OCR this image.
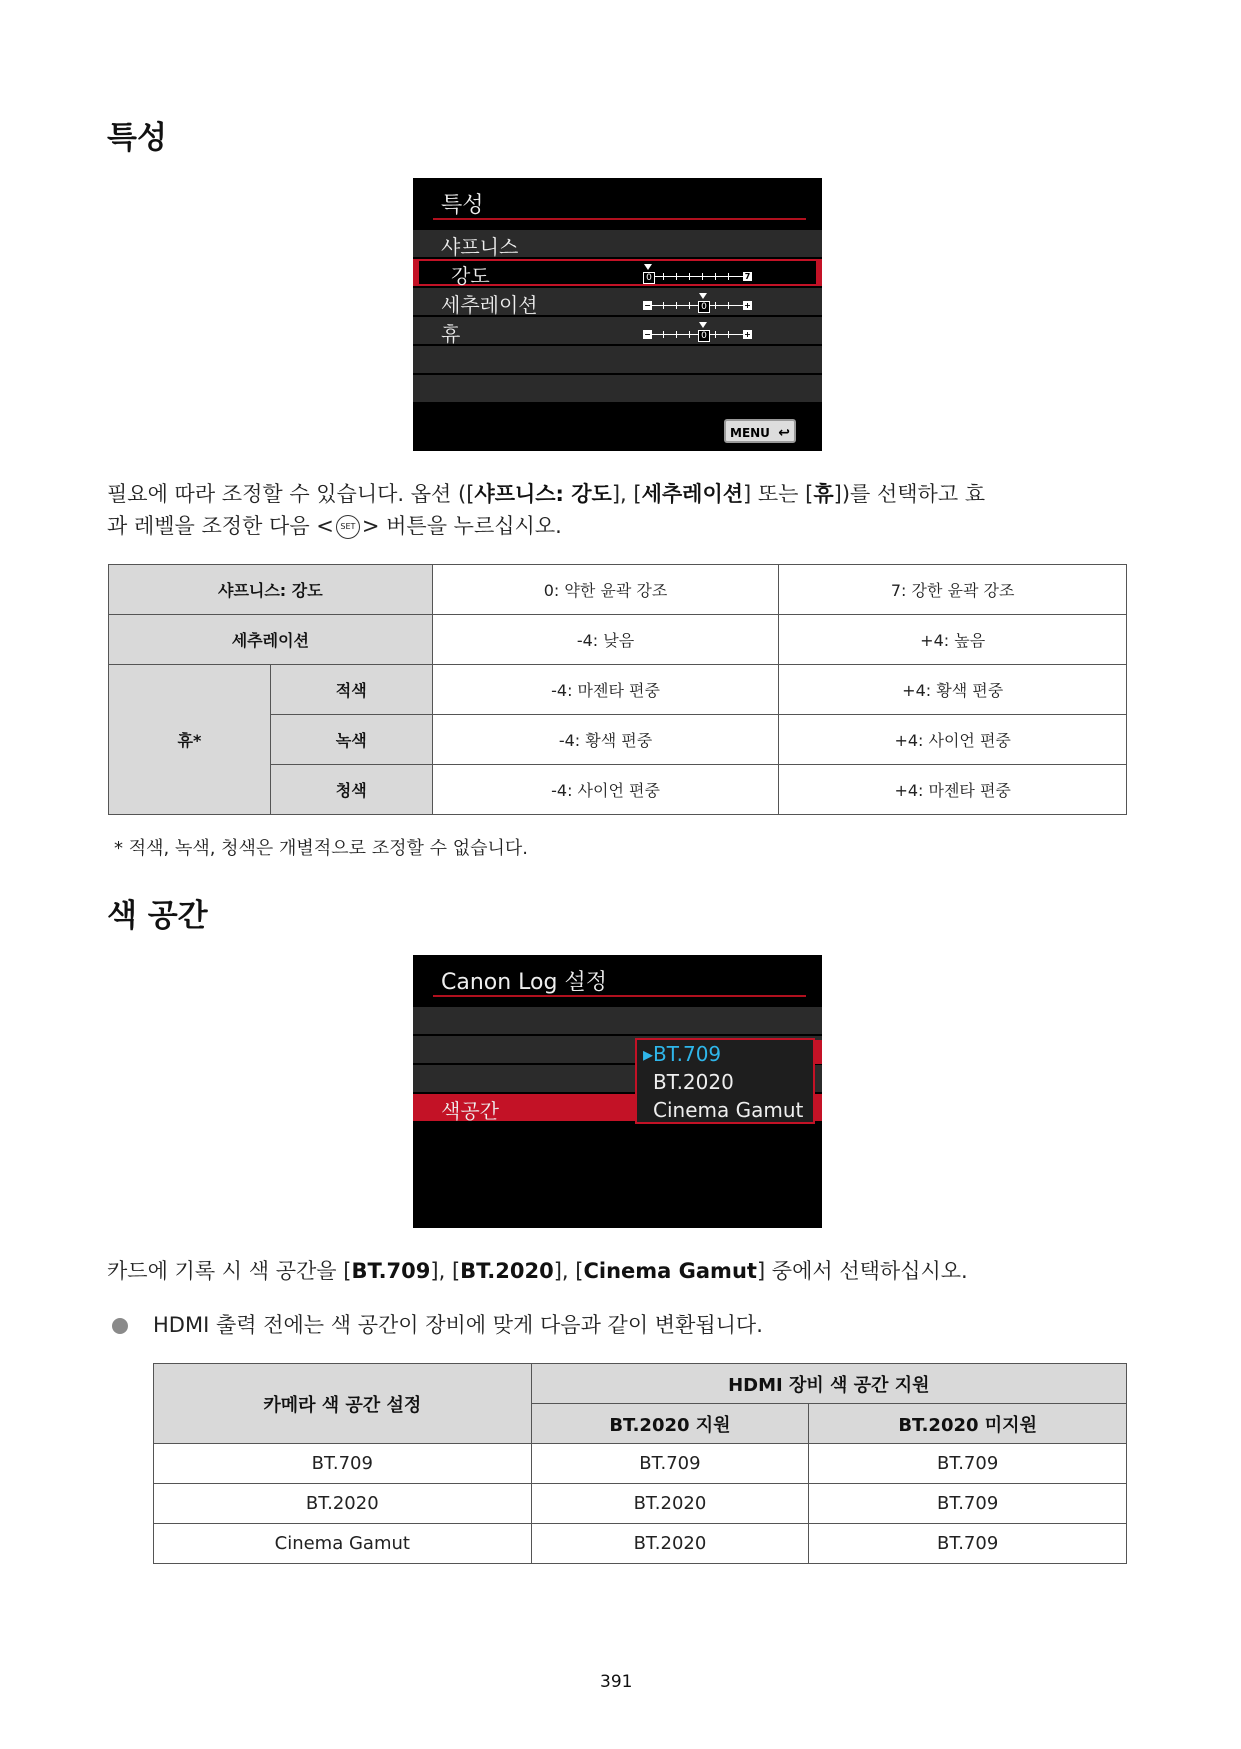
특성
특성
샤프니스
강도	0	7
세추레이션	−	0	+
휴	−	0	+
MENU ↩
필요에 따라 조정할 수 있습니다. 옵션 ([샤프니스: 강도], [세추레이션] 또는 [휴])를 선택하고 효
과 레벨을 조정한 다음 < SET > 버튼을 누르십시오.
샤프니스: 강도		0: 약한 윤곽 강조	7: 강한 윤곽 강조
세추레이션		-4: 낮음	+4: 높음
휴*	적색	-4: 마젠타 편중	+4: 황색 편중
	녹색	-4: 황색 편중	+4: 사이언 편중
	청색	-4: 사이언 편중	+4: 마젠타 편중
* 적색, 녹색, 청색은 개별적으로 조정할 수 없습니다.
색 공간
Canon Log 설정
색공간
▸BT.709
BT.2020
Cinema Gamut
카드에 기록 시 색 공간을 [BT.709], [BT.2020], [Cinema Gamut] 중에서 선택하십시오.
HDMI 출력 전에는 색 공간이 장비에 맞게 다음과 같이 변환됩니다.
카메라 색 공간 설정	HDMI 장비 색 공간 지원	
	BT.2020 지원	BT.2020 미지원
BT.709	BT.709	BT.709
BT.2020	BT.2020	BT.709
Cinema Gamut	BT.2020	BT.709
391
